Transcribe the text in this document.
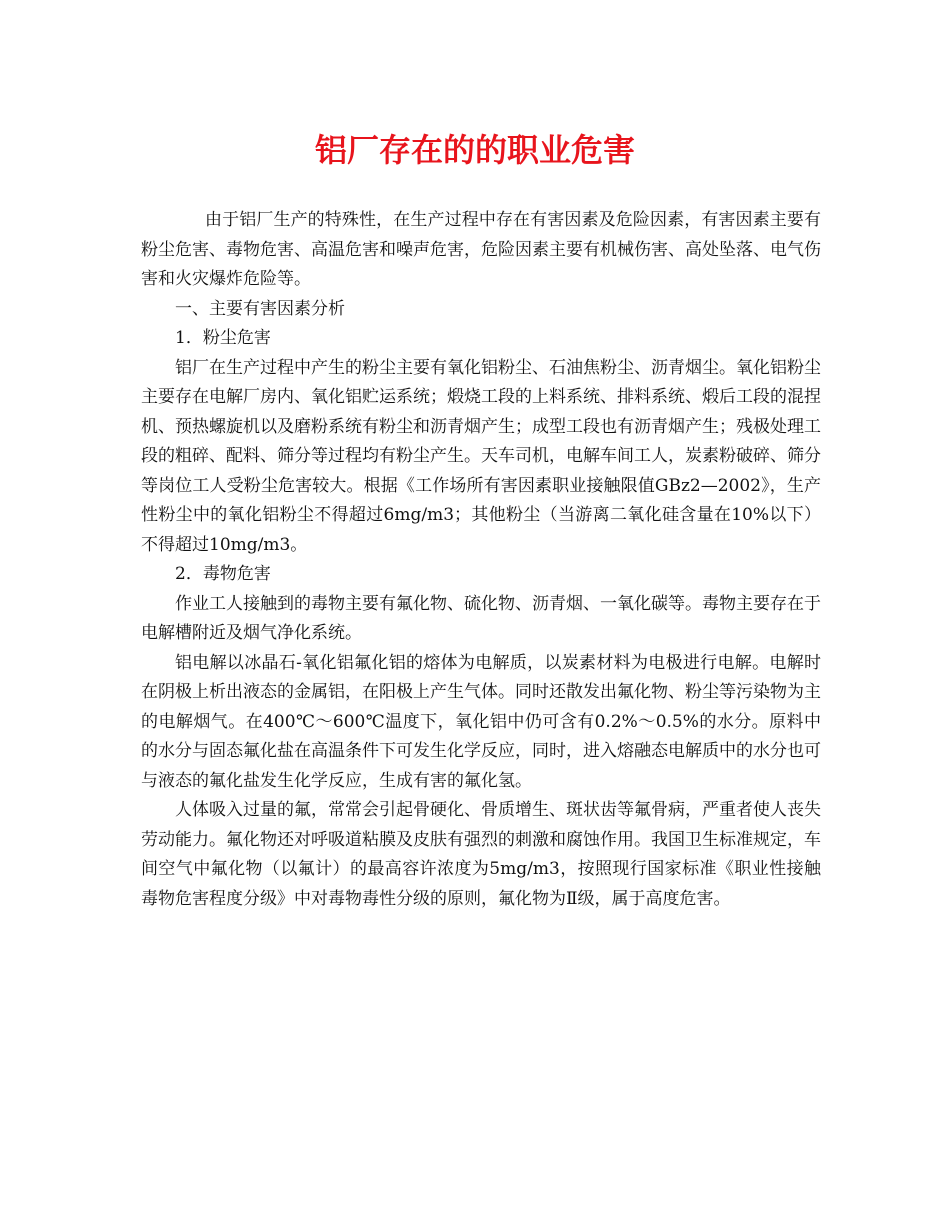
铝厂存在的的职业危害

由于铝厂生产的特殊性，在生产过程中存在有害因素及危险因素，有害因素主要有粉尘危害、毒物危害、高温危害和噪声危害，危险因素主要有机械伤害、高处坠落、电气伤害和火灾爆炸危险等。

一、主要有害因素分析

1．粉尘危害

铝厂在生产过程中产生的粉尘主要有氧化铝粉尘、石油焦粉尘、沥青烟尘。氧化铝粉尘主要存在电解厂房内、氧化铝贮运系统；煅烧工段的上料系统、排料系统、煅后工段的混捏机、预热螺旋机以及磨粉系统有粉尘和沥青烟产生；成型工段也有沥青烟产生；残极处理工段的粗碎、配料、筛分等过程均有粉尘产生。天车司机，电解车间工人，炭素粉破碎、筛分等岗位工人受粉尘危害较大。根据《工作场所有害因素职业接触限值GBz2—2002》，生产性粉尘中的氧化铝粉尘不得超过6mg/m3；其他粉尘（当游离二氧化硅含量在10%以下）不得超过10mg/m3。

2．毒物危害

作业工人接触到的毒物主要有氟化物、硫化物、沥青烟、一氧化碳等。毒物主要存在于电解槽附近及烟气净化系统。

铝电解以冰晶石-氧化铝氟化铝的熔体为电解质，以炭素材料为电极进行电解。电解时在阴极上析出液态的金属铝，在阳极上产生气体。同时还散发出氟化物、粉尘等污染物为主的电解烟气。在400℃～600℃温度下，氧化铝中仍可含有0.2%～0.5%的水分。原料中的水分与固态氟化盐在高温条件下可发生化学反应，同时，进入熔融态电解质中的水分也可与液态的氟化盐发生化学反应，生成有害的氟化氢。

人体吸入过量的氟，常常会引起骨硬化、骨质增生、斑状齿等氟骨病，严重者使人丧失劳动能力。氟化物还对呼吸道粘膜及皮肤有强烈的刺激和腐蚀作用。我国卫生标准规定，车间空气中氟化物（以氟计）的最高容许浓度为5mg/m3，按照现行国家标准《职业性接触毒物危害程度分级》中对毒物毒性分级的原则，氟化物为Ⅱ级，属于高度危害。
